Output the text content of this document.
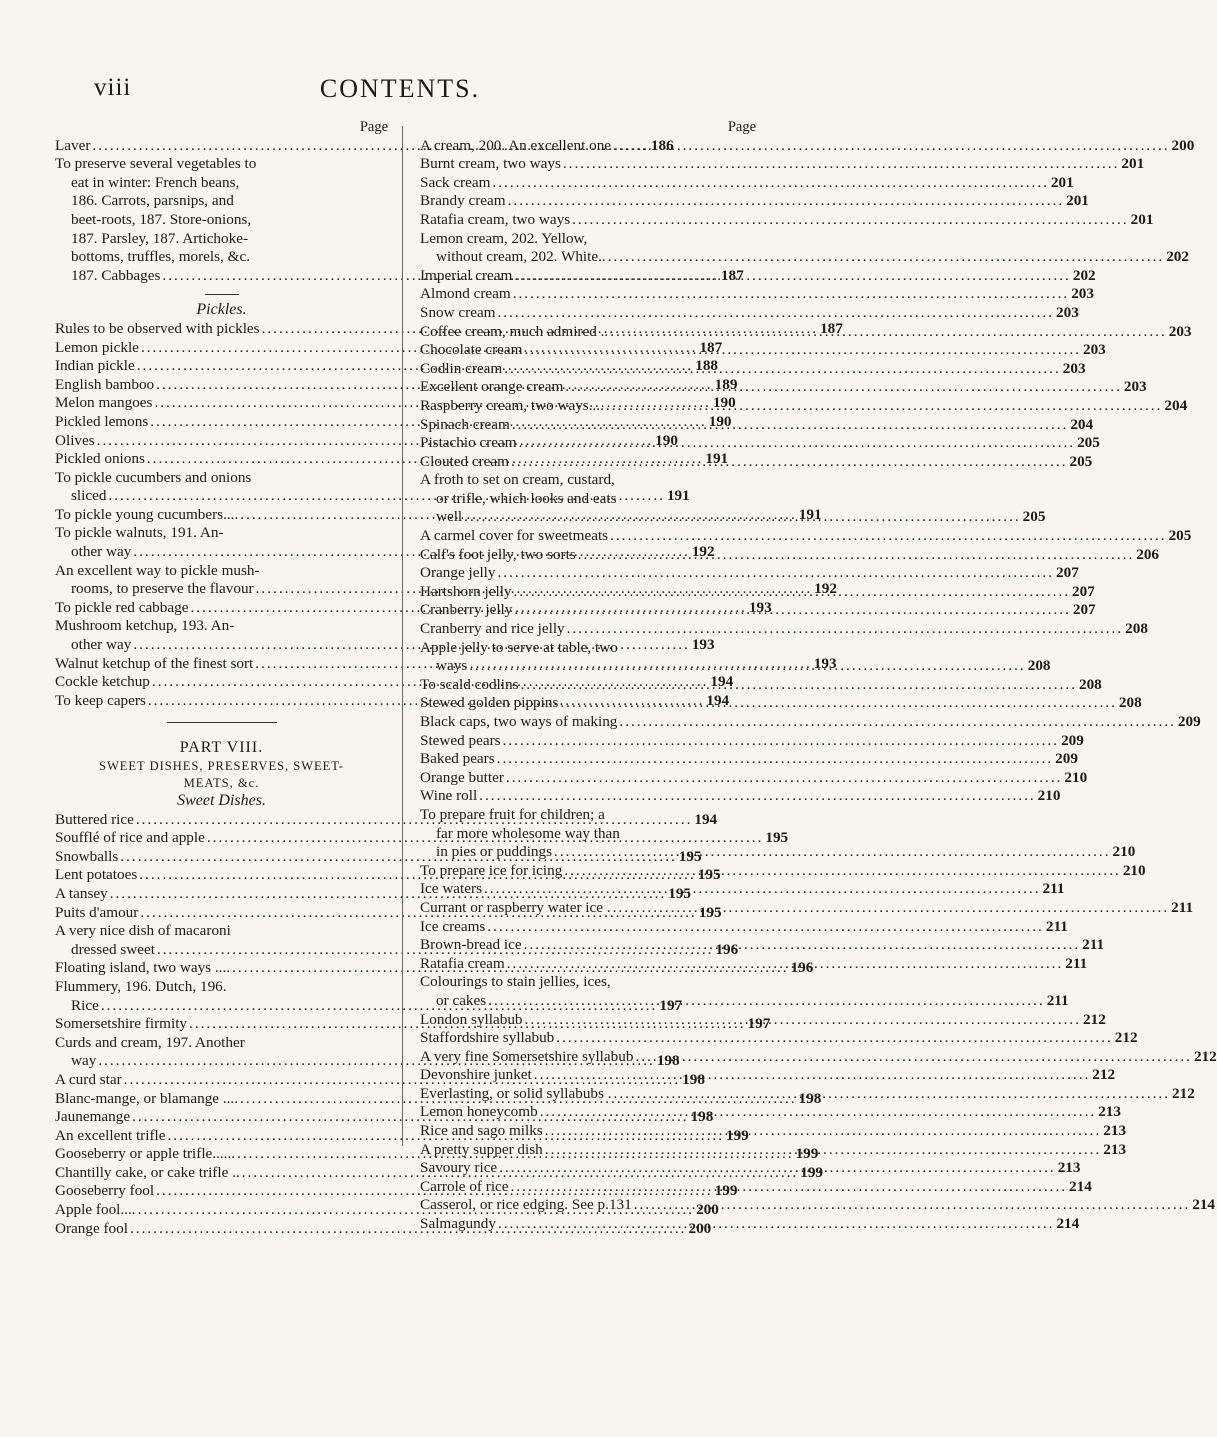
viii	CONTENTS.
Page
Laver .....	186
To preserve several vegetables to
eat in winter: French beans,
186. Carrots, parsnips, and
beet-roots, 187. Store-onions,
187. Parsley, 187. Artichoke-
bottoms, truffles, morels, &c.
187. Cabbages .....	187
Pickles.
Rules to be observed with pickles .....	187
Lemon pickle .....	187
Indian pickle .....	188
English bamboo .....	189
Melon mangoes .....	190
Pickled lemons .....	190
Olives .....	190
Pickled onions .....	191
To pickle cucumbers and onions
sliced .....	191
To pickle young cucumbers.... .....	191
To pickle walnuts, 191. An-
other way .....	192
An excellent way to pickle mush-
rooms, to preserve the flavour .....	192
To pickle red cabbage .....	193
Mushroom ketchup, 193. An-
other way .....	193
Walnut ketchup of the finest sort .....	193
Cockle ketchup .....	194
To keep capers .....	194
PART VIII.
SWEET DISHES, PRESERVES, SWEET-
MEATS, &c.
Sweet Dishes.
Buttered rice .....	194
Soufflé of rice and apple .....	195
Snowballs .....	195
Lent potatoes .....	195
A tansey .....	195
Puits d'amour .....	195
A very nice dish of macaroni
dressed sweet .....	196
Floating island, two ways .... .....	196
Flummery, 196. Dutch, 196.
Rice .....	197
Somersetshire firmity .....	197
Curds and cream, 197. Another
way .....	198
A curd star .....	198
Blanc-mange, or blamange .... .....	198
Jaunemange .....	198
An excellent trifle .....	199
Gooseberry or apple trifle...... .....	199
Chantilly cake, or cake trifle .. .....	199
Gooseberry fool .....	199
Apple fool.... .....	200
Orange fool .....	200
Page
A cream, 200. An excellent one .....	200
Burnt cream, two ways .....	201
Sack cream .....	201
Brandy cream .....	201
Ratafia cream, two ways .....	201
Lemon cream, 202. Yellow,
without cream, 202. White.. .....	202
Imperial cream .....	202
Almond cream .....	203
Snow cream .....	203
Coffee cream, much admired .. .....	203
Chocolate cream .....	203
Codlin cream .....	203
Excellent orange cream .....	203
Raspberry cream, two ways.... .....	204
Spinach cream .....	204
Pistachio cream .....	205
Clouted cream .....	205
A froth to set on cream, custard,
or trifle, which looks and eats
well .....	205
A carmel cover for sweetmeats .....	205
Calf's foot jelly, two sorts .....	206
Orange jelly .....	207
Hartshorn jelly .....	207
Cranberry jelly .....	207
Cranberry and rice jelly .....	208
Apple jelly to serve at table, two
ways .....	208
To scald codlins .....	208
Stewed golden pippins .....	208
Black caps, two ways of making .....	209
Stewed pears .....	209
Baked pears .....	209
Orange butter .....	210
Wine roll .....	210
To prepare fruit for children; a
far more wholesome way than
in pies or puddings .....	210
To prepare ice for icing .....	210
Ice waters .....	211
Currant or raspberry water ice . .....	211
Ice creams .....	211
Brown-bread ice .....	211
Ratafia cream .....	211
Colourings to stain jellies, ices,
or cakes .....	211
London syllabub .....	212
Staffordshire syllabub .....	212
A very fine Somersetshire syllabub .....	212
Devonshire junket .....	212
Everlasting, or solid syllabubs . .....	212
Lemon honeycomb .....	213
Rice and sago milks .....	213
A pretty supper dish .....	213
Savoury rice .....	213
Carrole of rice .....	214
Casserol, or rice edging. See p.131 .....	214
Salmagundy .....	214
